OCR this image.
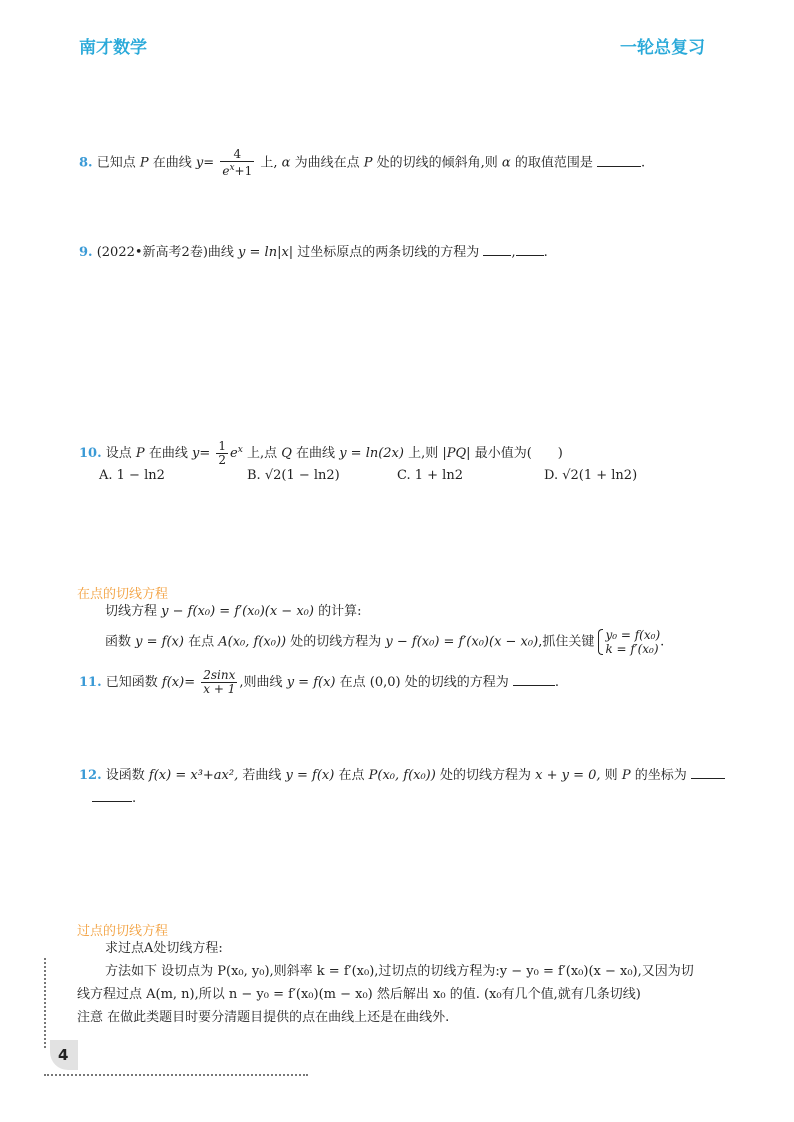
南才数学	一轮总复习
8. 已知点 P 在曲线 $y= \frac{4}{e^x+1}$ 上, α 为曲线在点 P 处的切线的倾斜角,则 α 的取值范围是	.
9. (2022•新高考2卷)曲线 y = ln|x| 过坐标原点的两条切线的方程为 , .
10. 设点 P 在曲线 $y= \frac{1}{2} e^x$ 上,点 Q 在曲线 y = ln(2x) 上,则 |PQ| 最小值为(　　)
A. 1 − ln2	B. √2(1 − ln2)	C. 1 + ln2	D. √2(1 + ln2)
在点的切线方程
切线方程 y − f(x₀) = f′(x₀)(x − x₀) 的计算:
函数 y = f(x) 在点 A(x₀, f(x₀)) 处的切线方程为 y − f(x₀) = f′(x₀)(x − x₀),抓住关键 y₀ = f(x₀)
k = f′(x₀) .
11. 已知函数 $f(x)= \frac{2\sin x}{x + 1}$ ,则曲线 y = f(x) 在点 (0,0) 处的切线的方程为	.
12. 设函数 f(x) = x³+ax², 若曲线 y = f(x) 在点 P(x₀, f(x₀)) 处的切线方程为 x + y = 0, 则 P 的坐标为
.
过点的切线方程
求过点A处切线方程:
方法如下 设切点为 P(x₀, y₀),则斜率 k = f′(x₀),过切点的切线方程为:y − y₀ = f′(x₀)(x − x₀),又因为切
线方程过点 A(m, n),所以 n − y₀ = f′(x₀)(m − x₀) 然后解出 x₀ 的值. (x₀有几个值,就有几条切线)
注意 在做此类题目时要分清题目提供的点在曲线上还是在曲线外.
4
